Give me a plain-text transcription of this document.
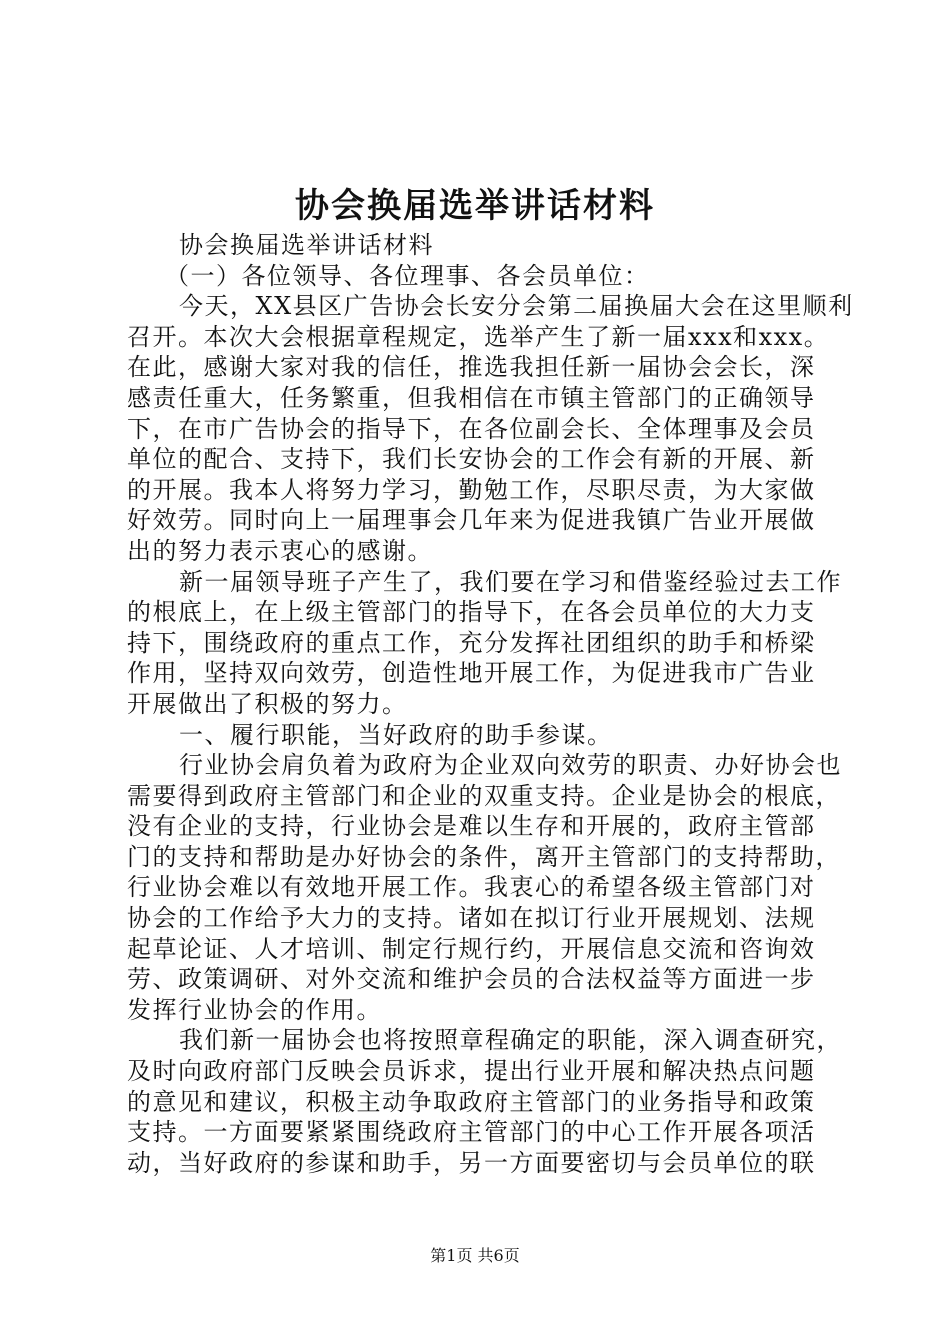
协会换届选举讲话材料
协会换届选举讲话材料
（一）各位领导、各位理事、各会员单位：
今天，XX县区广告协会长安分会第二届换届大会在这里顺利
召开。本次大会根据章程规定，选举产生了新一届xxx和xxx。
在此，感谢大家对我的信任，推选我担任新一届协会会长，深
感责任重大，任务繁重，但我相信在市镇主管部门的正确领导
下，在市广告协会的指导下，在各位副会长、全体理事及会员
单位的配合、支持下，我们长安协会的工作会有新的开展、新
的开展。我本人将努力学习，勤勉工作，尽职尽责，为大家做
好效劳。同时向上一届理事会几年来为促进我镇广告业开展做
出的努力表示衷心的感谢。
新一届领导班子产生了，我们要在学习和借鉴经验过去工作
的根底上，在上级主管部门的指导下，在各会员单位的大力支
持下，围绕政府的重点工作，充分发挥社团组织的助手和桥梁
作用，坚持双向效劳，创造性地开展工作，为促进我市广告业
开展做出了积极的努力。
一、履行职能，当好政府的助手参谋。
行业协会肩负着为政府为企业双向效劳的职责、办好协会也
需要得到政府主管部门和企业的双重支持。企业是协会的根底，
没有企业的支持，行业协会是难以生存和开展的，政府主管部
门的支持和帮助是办好协会的条件，离开主管部门的支持帮助，
行业协会难以有效地开展工作。我衷心的希望各级主管部门对
协会的工作给予大力的支持。诸如在拟订行业开展规划、法规
起草论证、人才培训、制定行规行约，开展信息交流和咨询效
劳、政策调研、对外交流和维护会员的合法权益等方面进一步
发挥行业协会的作用。
我们新一届协会也将按照章程确定的职能，深入调查研究，
及时向政府部门反映会员诉求，提出行业开展和解决热点问题
的意见和建议，积极主动争取政府主管部门的业务指导和政策
支持。一方面要紧紧围绕政府主管部门的中心工作开展各项活
动，当好政府的参谋和助手，另一方面要密切与会员单位的联
第1页 共6页
